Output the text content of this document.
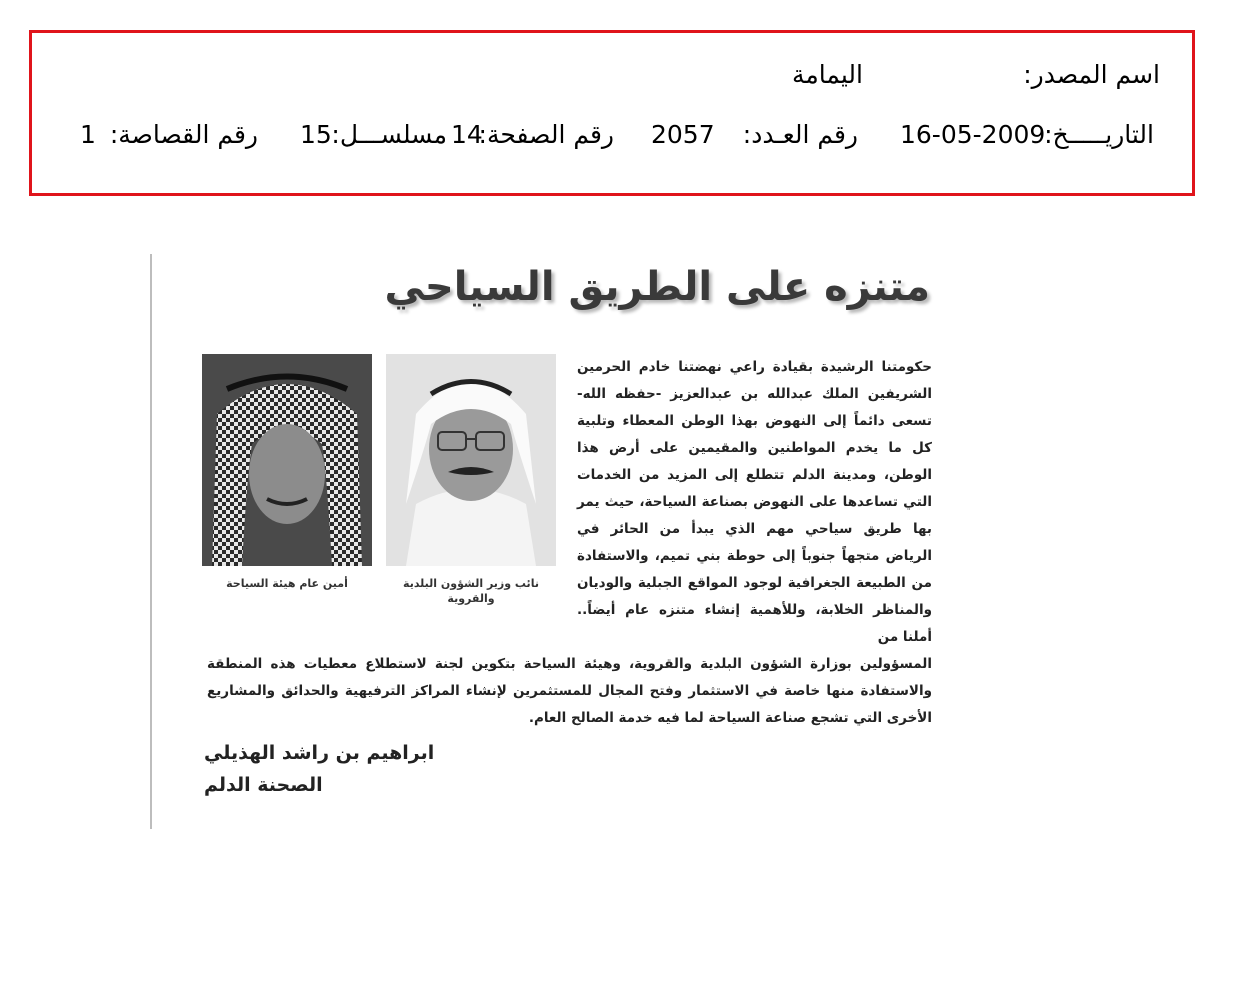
اسم المصدر:
اليمامة
التاريـــــخ:
16-05-2009
رقم العـدد:
2057
رقم الصفحة:
14
مسلســـل:
15
رقم القصاصة:
1
متنزه على الطريق السياحي

حكومتنا الرشيدة بقيادة راعي نهضتنا خادم الحرمين الشريفين الملك عبدالله بن عبدالعزيز -حفظه الله- تسعى دائماً إلى النهوض بهذا الوطن المعطاء وتلبية كل ما يخدم المواطنين والمقيمين على أرض هذا الوطن، ومدينة الدلم تتطلع إلى المزيد من الخدمات التي تساعدها على النهوض بصناعة السياحة، حيث يمر بها طريق سياحي مهم الذي يبدأ من الحائر في الرياض متجهاً جنوباً إلى حوطة بني تميم، والاستفادة من الطبيعة الجغرافية لوجود المواقع الجبلية والوديان والمناظر الخلابة، وللأهمية إنشاء متنزه عام أيضاً.. أملنا من

نائب وزير الشؤون البلدية والقروية
أمين عام هيئة السياحة

المسؤولين بوزارة الشؤون البلدية والقروية، وهيئة السياحة بتكوين لجنة لاستطلاع معطيات هذه المنطقة والاستفادة منها خاصة في الاستثمار وفتح المجال للمستثمرين لإنشاء المراكز الترفيهية والحدائق والمشاريع الأخرى التي تشجع صناعة السياحة لما فيه خدمة الصالح العام.

ابراهيم بن راشد الهذيلي
الصحنة الدلم
